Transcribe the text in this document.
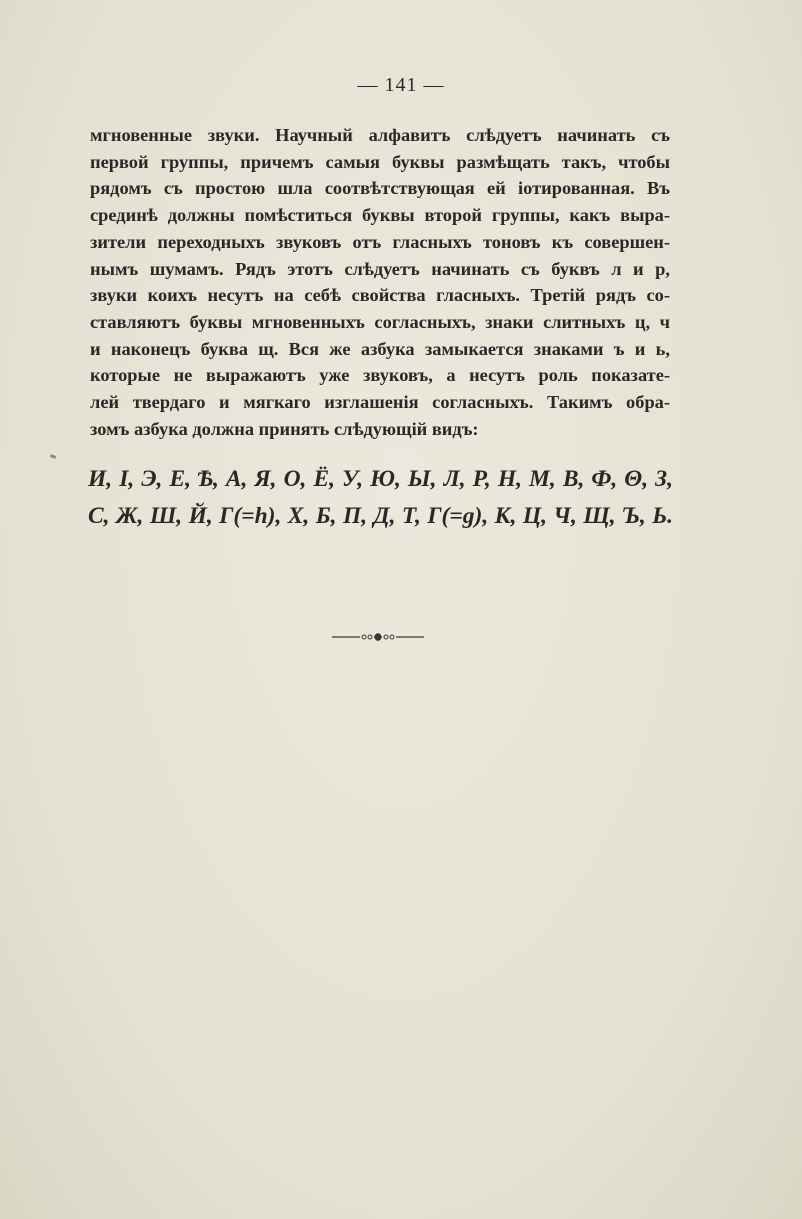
— 141 —
мгновенные звуки. Научный алфавитъ слѣдуетъ начинать съ
первой группы, причемъ самыя буквы размѣщать такъ, чтобы
рядомъ съ простою шла соотвѣтствующая ей іотированная. Въ
срединѣ должны помѣститься буквы второй группы, какъ выра-
зители переходныхъ звуковъ отъ гласныхъ тоновъ къ совершен-
нымъ шумамъ. Рядъ этотъ слѣдуетъ начинать съ буквъ л и р,
звуки коихъ несутъ на себѣ свойства гласныхъ. Третій рядъ со-
ставляютъ буквы мгновенныхъ согласныхъ, знаки слитныхъ ц, ч
и наконецъ буква щ. Вся же азбука замыкается знаками ъ и ь,
которые не выражаютъ уже звуковъ, а несутъ роль показате-
лей твердаго и мягкаго изглашенія согласныхъ. Такимъ обра-
зомъ азбука должна принять слѣдующій видъ:
И, І, Э, Е, Ѣ, А, Я, О, Ё, У, Ю, Ы, Л, Р, Н, М, В, Ф, Θ, З,
С, Ж, Ш, Й, Г(=h), Х, Б, П, Д, Т, Г(=g), К, Ц, Ч, Щ, Ъ, Ь.
